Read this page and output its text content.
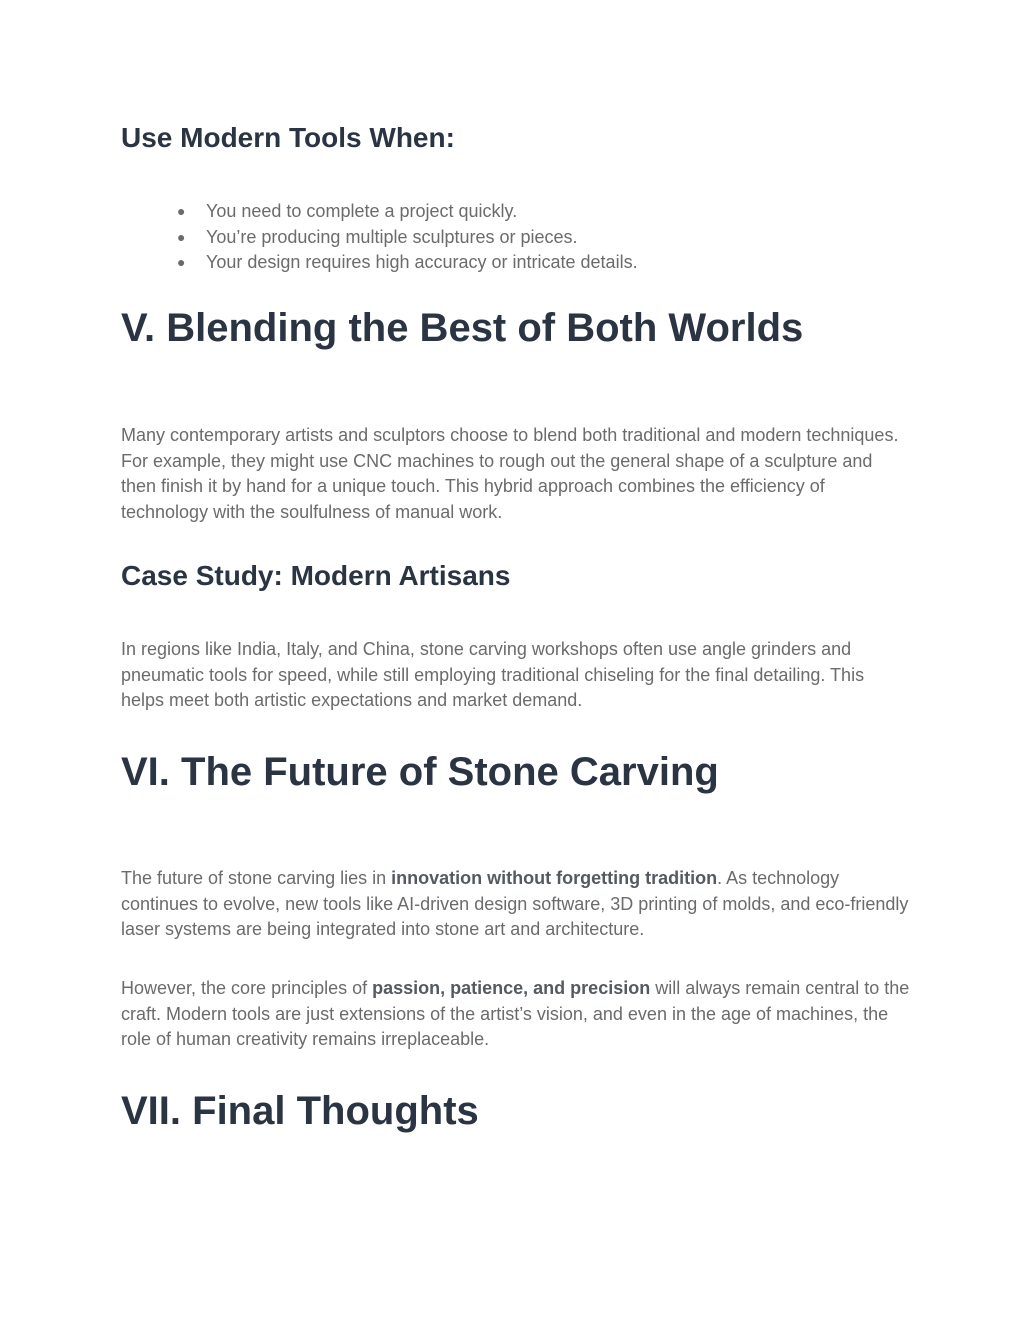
Use Modern Tools When:
● You need to complete a project quickly.
● You’re producing multiple sculptures or pieces.
● Your design requires high accuracy or intricate details.
V. Blending the Best of Both Worlds

Many contemporary artists and sculptors choose to blend both traditional and modern techniques. For example, they might use CNC machines to rough out the general shape of a sculpture and then finish it by hand for a unique touch. This hybrid approach combines the efficiency of technology with the soulfulness of manual work.

Case Study: Modern Artisans

In regions like India, Italy, and China, stone carving workshops often use angle grinders and pneumatic tools for speed, while still employing traditional chiseling for the final detailing. This helps meet both artistic expectations and market demand.

VI. The Future of Stone Carving

The future of stone carving lies in innovation without forgetting tradition. As technology continues to evolve, new tools like AI-driven design software, 3D printing of molds, and eco-friendly laser systems are being integrated into stone art and architecture.

However, the core principles of passion, patience, and precision will always remain central to the craft. Modern tools are just extensions of the artist’s vision, and even in the age of machines, the role of human creativity remains irreplaceable.

VII. Final Thoughts
